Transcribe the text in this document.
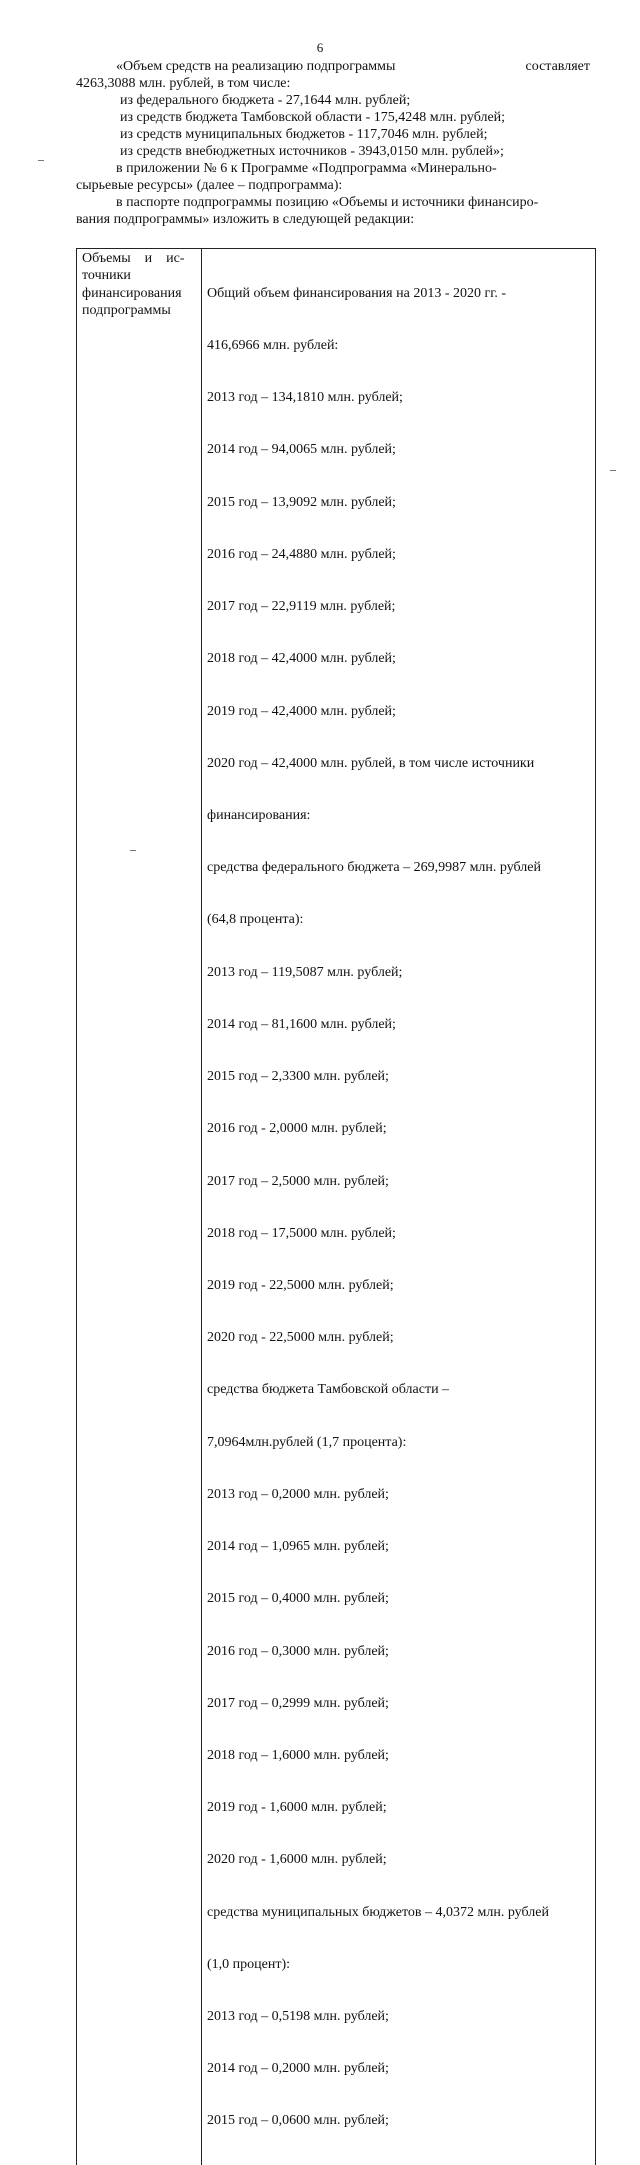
6
«Объем средств на реализацию подпрограммы	составляет
4263,3088 млн. рублей, в том числе:
из федерального бюджета - 27,1644 млн. рублей;
из средств бюджета Тамбовской области - 175,4248 млн. рублей;
из средств муниципальных бюджетов - 117,7046 млн. рублей;
из средств внебюджетных источников - 3943,0150 млн. рублей»;
в приложении № 6 к Программе «Подпрограмма «Минерально-
сырьевые ресурсы» (далее – подпрограмма):
в паспорте подпрограммы позицию «Объемы и источники финансиро-
вания подпрограммы» изложить в следующей редакции:
Объемы    и    ис-
точники
финансирования
подпрограммы

Общий объем финансирования на 2013 - 2020 гг. -

416,6966 млн. рублей:

2013 год – 134,1810 млн. рублей;

2014 год – 94,0065 млн. рублей;

2015 год – 13,9092 млн. рублей;

2016 год – 24,4880 млн. рублей;

2017 год – 22,9119 млн. рублей;

2018 год – 42,4000 млн. рублей;

2019 год – 42,4000 млн. рублей;

2020 год – 42,4000 млн. рублей, в том числе источники

финансирования:

средства федерального бюджета – 269,9987 млн. рублей

(64,8 процента):

2013 год – 119,5087 млн. рублей;

2014 год – 81,1600 млн. рублей;

2015 год – 2,3300 млн. рублей;

2016 год - 2,0000 млн. рублей;

2017 год – 2,5000 млн. рублей;

2018 год – 17,5000 млн. рублей;

2019 год - 22,5000 млн. рублей;

2020 год - 22,5000 млн. рублей;

средства бюджета Тамбовской области –

7,0964млн.рублей (1,7 процента):

2013 год – 0,2000 млн. рублей;

2014 год – 1,0965 млн. рублей;

2015 год – 0,4000 млн. рублей;

2016 год – 0,3000 млн. рублей;

2017 год – 0,2999 млн. рублей;

2018 год – 1,6000 млн. рублей;

2019 год - 1,6000 млн. рублей;

2020 год - 1,6000 млн. рублей;

средства муниципальных бюджетов – 4,0372 млн. рублей

(1,0 процент):

2013 год – 0,5198 млн. рублей;

2014 год – 0,2000 млн. рублей;

2015 год – 0,0600 млн. рублей;
